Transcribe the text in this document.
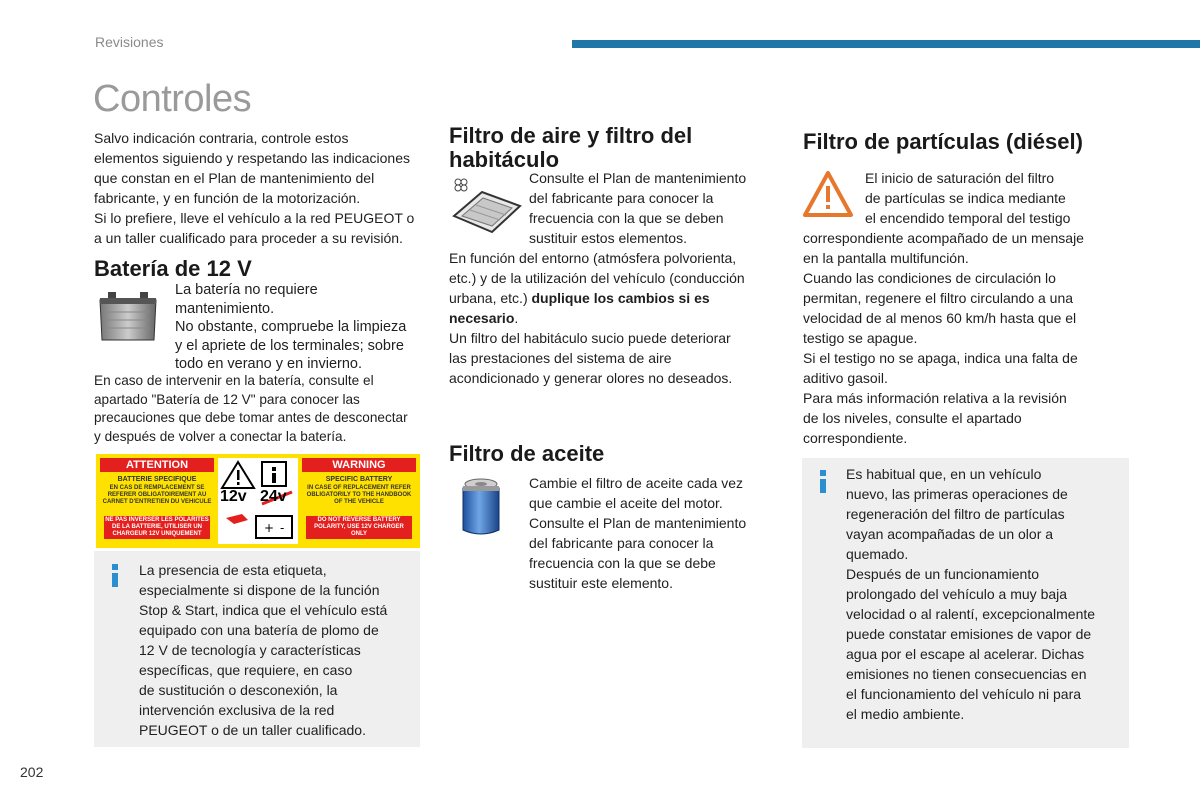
Revisiones
Controles

Salvo indicación contraria, controle estos

elementos siguiendo y respetando las indicaciones

que constan en el Plan de mantenimiento del

fabricante, y en función de la motorización.

Si lo prefiere, lleve el vehículo a la red PEUGEOT o

a un taller cualificado para proceder a su revisión.

Batería de 12 V

La batería no requiere

mantenimiento.

No obstante, compruebe la limpieza

y el apriete de los terminales; sobre

todo en verano y en invierno.

En caso de intervenir en la batería, consulte el

apartado "Batería de 12 V" para conocer las

precauciones que debe tomar antes de desconectar

y después de volver a conectar la batería.

ATTENTION	WARNING
BATTERIE SPECIFIQUE
EN CAS DE REMPLACEMENT SE REFERER OBLIGATOIREMENT AU CARNET D'ENTRETIEN DU VEHICULE
SPECIFIC BATTERY
IN CASE OF REPLACEMENT REFER OBLIGATORILY TO THE HANDBOOK OF THE VEHICLE
NE PAS INVERSER LES POLARITES DE LA BATTERIE, UTILISER UN CHARGEUR 12V UNIQUEMENT
DO NOT REVERSE BATTERY POLARITY, USE 12V CHARGER ONLY
+ -
12v 24v

La presencia de esta etiqueta,

especialmente si dispone de la función

Stop & Start, indica que el vehículo está

equipado con una batería de plomo de

12 V de tecnología y características

específicas, que requiere, en caso

de sustitución o desconexión, la

intervención exclusiva de la red

PEUGEOT o de un taller cualificado.

Filtro de aire y filtro del
habitáculo

Consulte el Plan de mantenimiento

del fabricante para conocer la

frecuencia con la que se deben

sustituir estos elementos.

En función del entorno (atmósfera polvorienta,

etc.) y de la utilización del vehículo (conducción

urbana, etc.) duplique los cambios si es

necesario.

Un filtro del habitáculo sucio puede deteriorar

las prestaciones del sistema de aire

acondicionado y generar olores no deseados.

Filtro de aceite

Cambie el filtro de aceite cada vez

que cambie el aceite del motor.

Consulte el Plan de mantenimiento

del fabricante para conocer la

frecuencia con la que se debe

sustituir este elemento.

Filtro de partículas (diésel)

El inicio de saturación del filtro

de partículas se indica mediante

el encendido temporal del testigo

correspondiente acompañado de un mensaje

en la pantalla multifunción.

Cuando las condiciones de circulación lo

permitan, regenere el filtro circulando a una

velocidad de al menos 60 km/h hasta que el

testigo se apague.

Si el testigo no se apaga, indica una falta de

aditivo gasoil.

Para más información relativa a la revisión

de los niveles, consulte el apartado

correspondiente.

Es habitual que, en un vehículo

nuevo, las primeras operaciones de

regeneración del filtro de partículas

vayan acompañadas de un olor a

quemado.

Después de un funcionamiento

prolongado del vehículo a muy baja

velocidad o al ralentí, excepcionalmente

puede constatar emisiones de vapor de

agua por el escape al acelerar. Dichas

emisiones no tienen consecuencias en

el funcionamiento del vehículo ni para

el medio ambiente.

202
